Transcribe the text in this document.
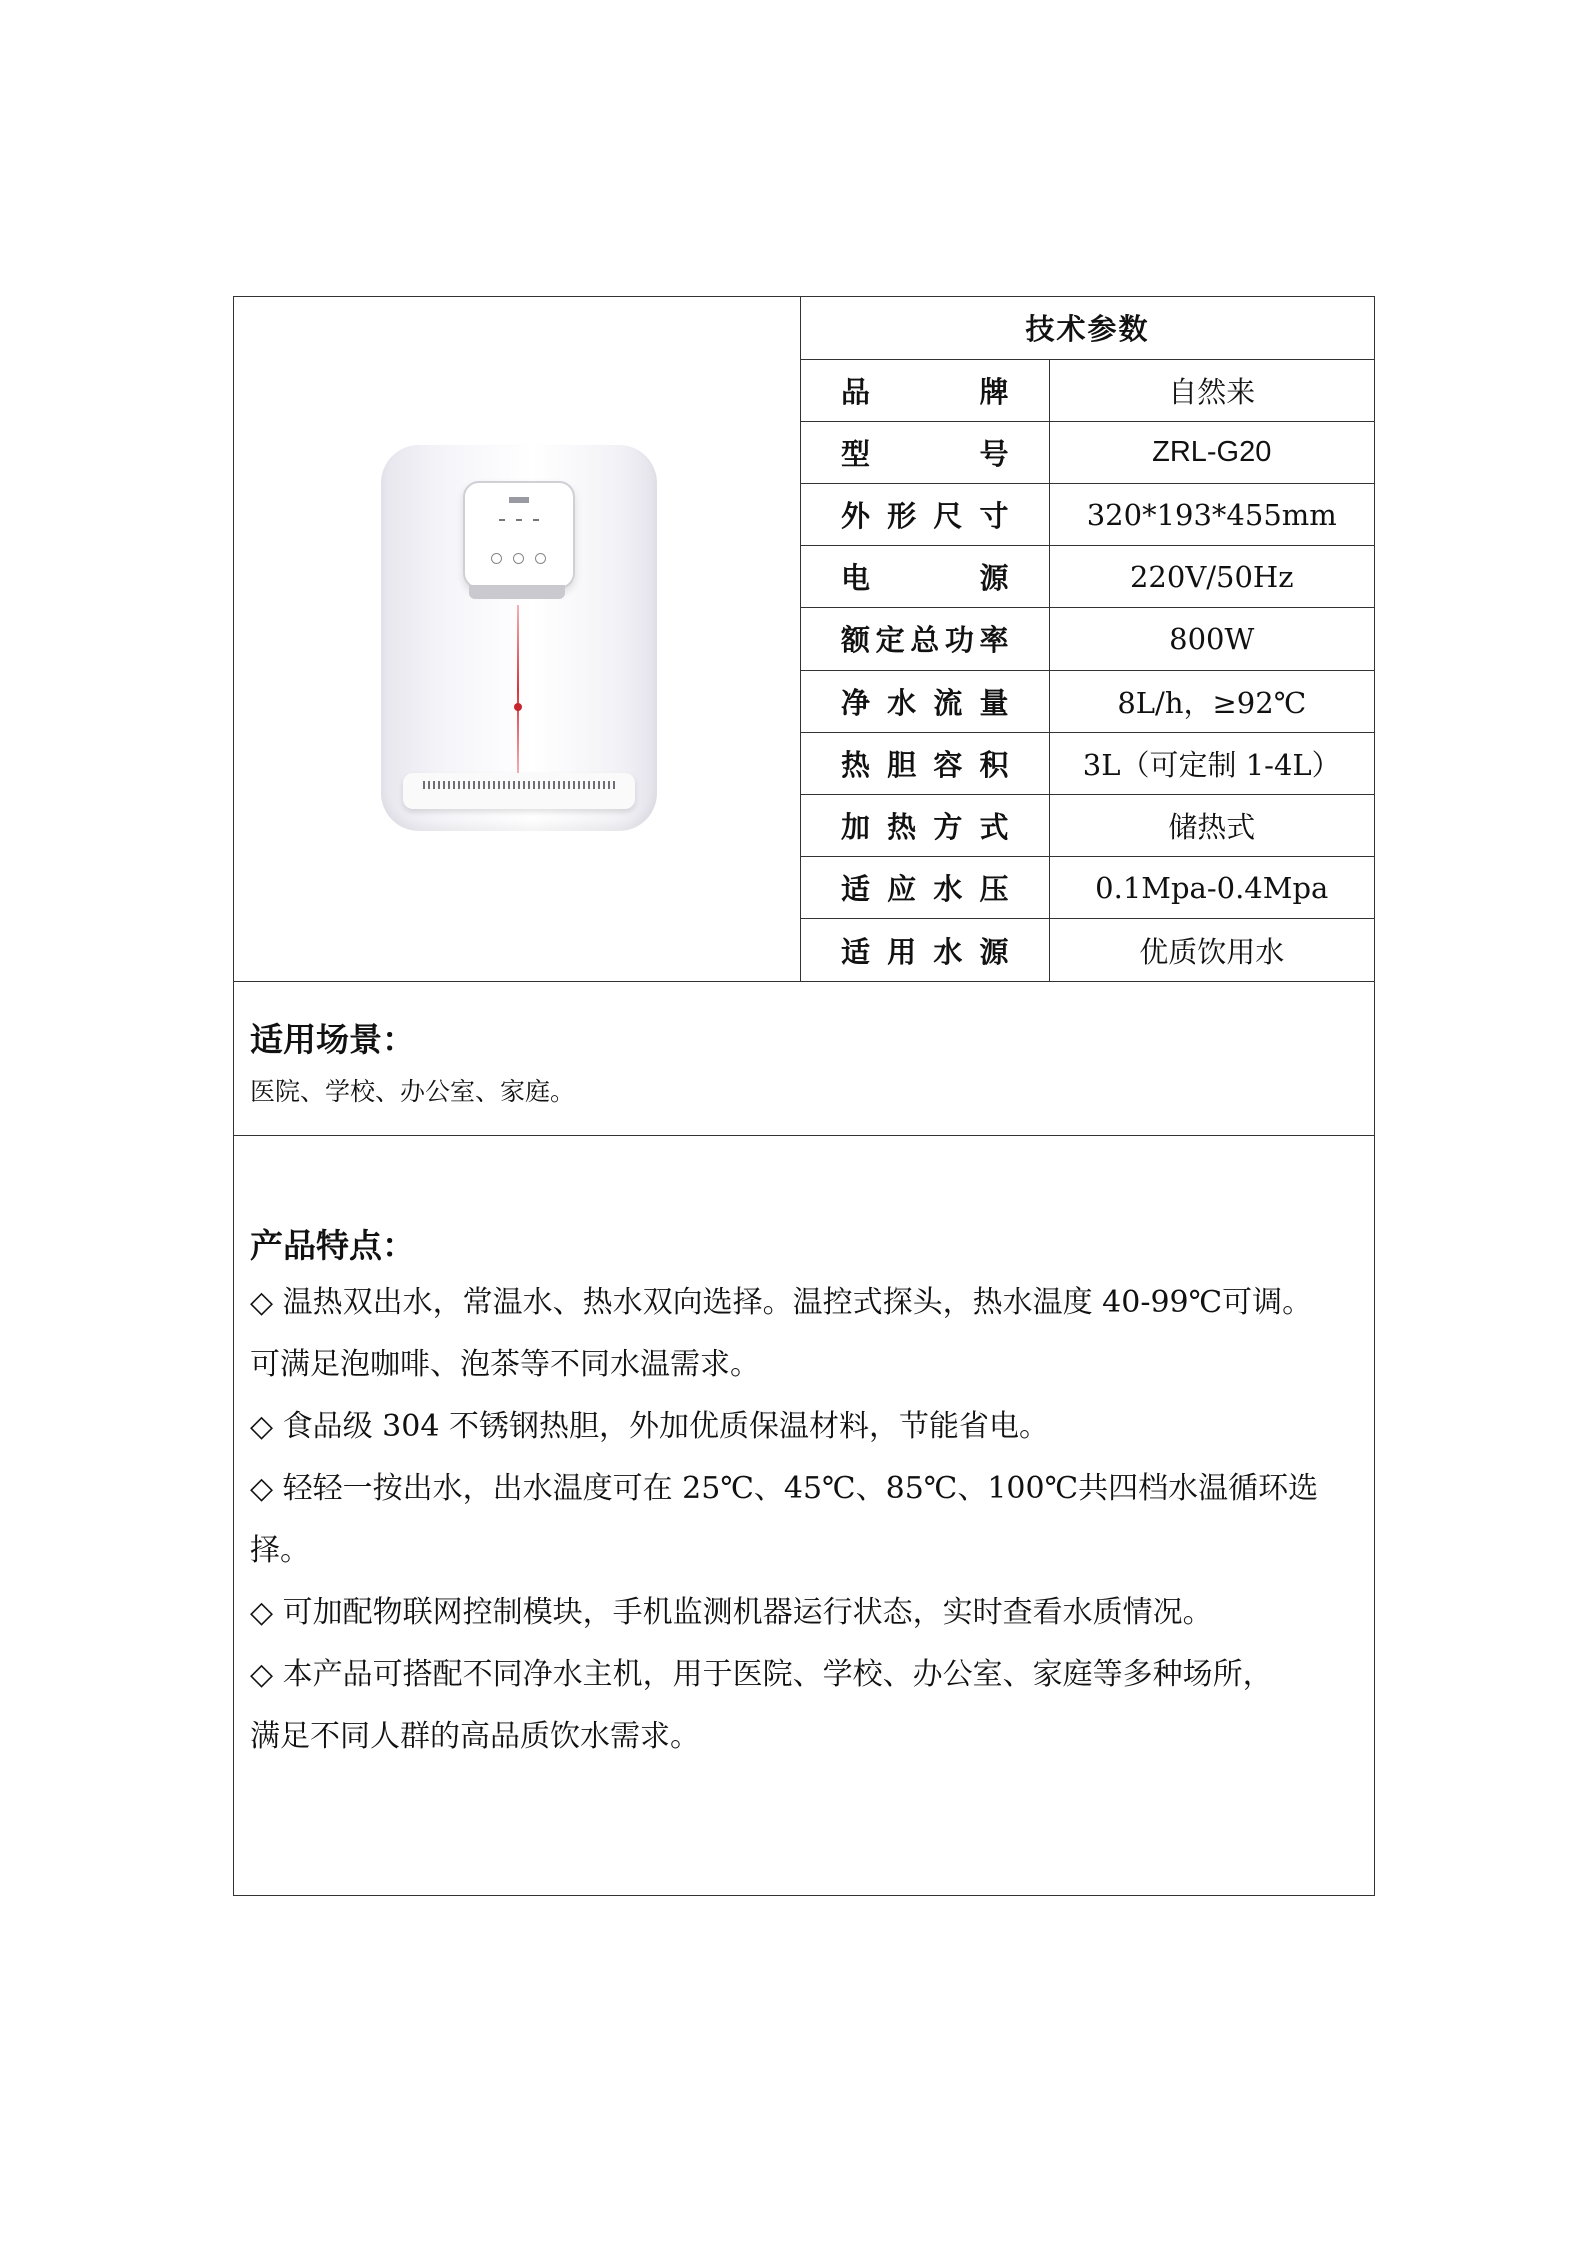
技术参数	

品 牌	自然来

型 号	ZRL-G20

外 形 尺 寸	320*193*455mm

电 源	220V/50Hz

额 定 总 功 率	800W

净 水 流 量	8L/h，≥92℃

热 胆 容 积	3L（可定制 1-4L）

加 热 方 式	储热式

适 应 水 压	0.1Mpa-0.4Mpa

适 用 水 源	优质饮用水
适用场景：

医院、学校、办公室、家庭。

产品特点：
◇ 温热双出水，常温水、热水双向选择。温控式探头，热水温度 40-99℃可调。
可满足泡咖啡、泡茶等不同水温需求。
◇ 食品级 304 不锈钢热胆，外加优质保温材料，节能省电。
◇ 轻轻一按出水，出水温度可在 25℃、45℃、85℃、100℃共四档水温循环选
择。
◇ 可加配物联网控制模块，手机监测机器运行状态，实时查看水质情况。
◇ 本产品可搭配不同净水主机，用于医院、学校、办公室、家庭等多种场所，
满足不同人群的高品质饮水需求。
